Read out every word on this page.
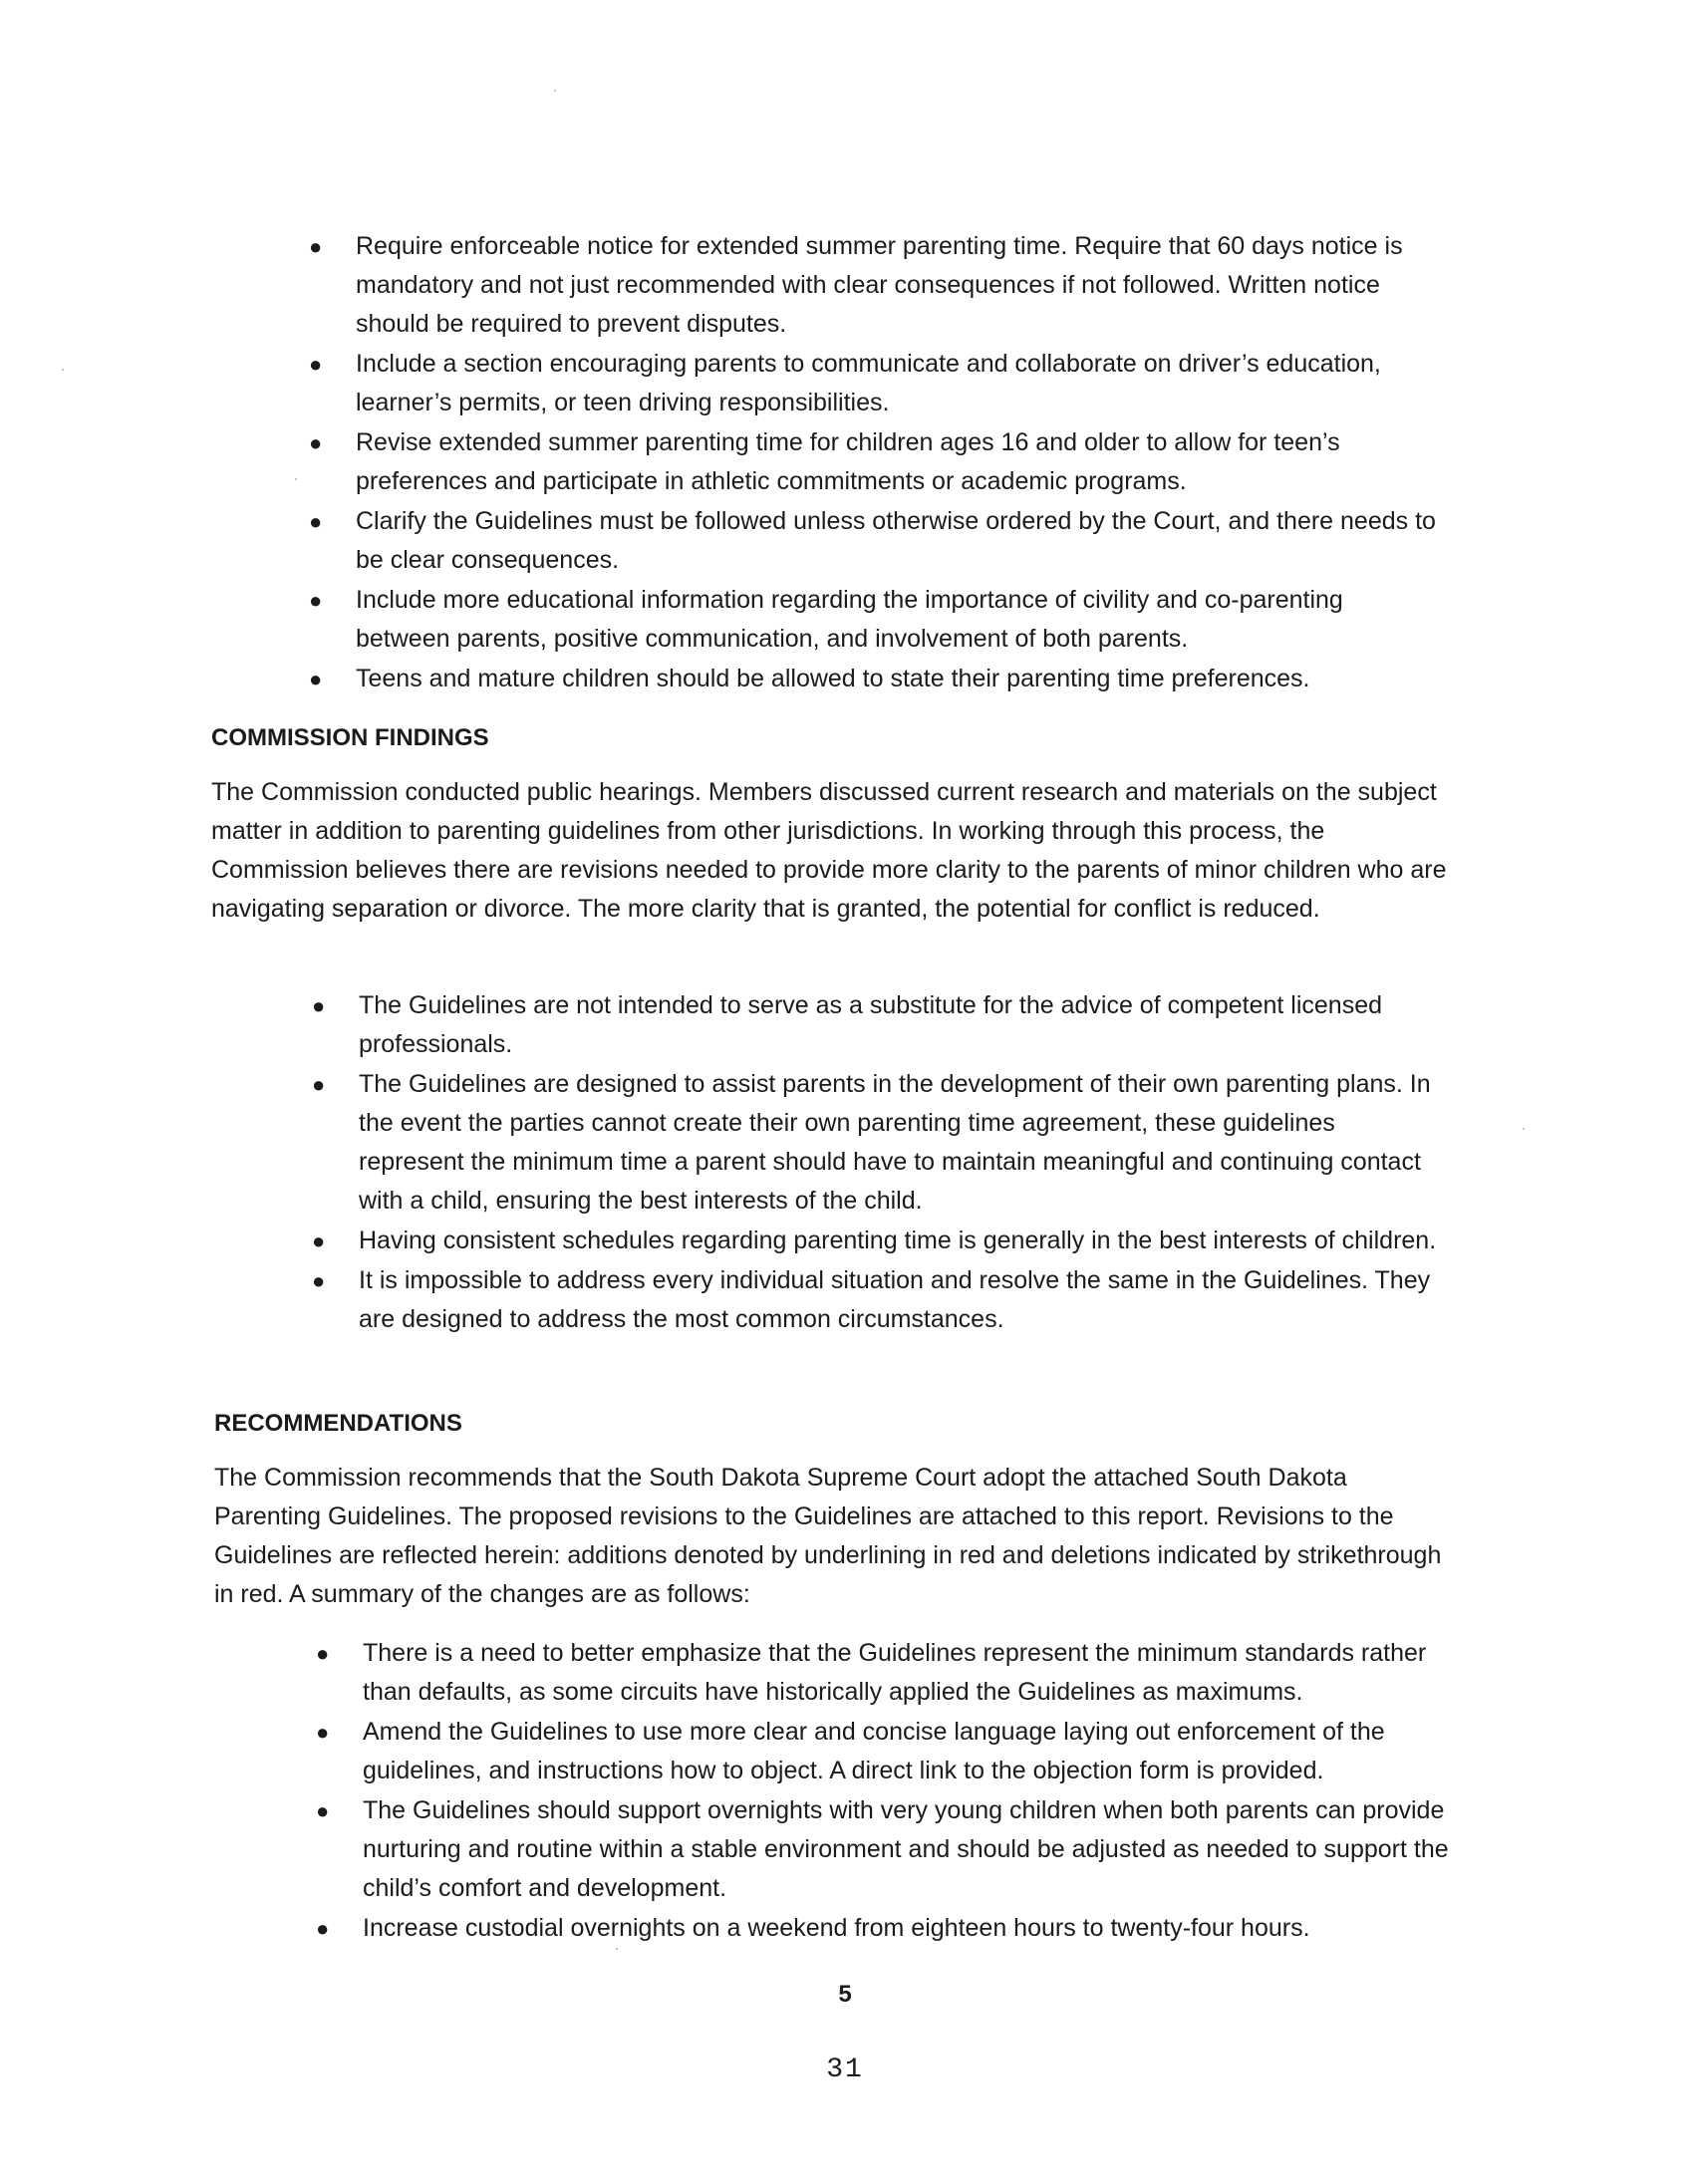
● Require enforceable notice for extended summer parenting time. Require that 60 days notice is mandatory and not just recommended with clear consequences if not followed. Written notice should be required to prevent disputes.
● Include a section encouraging parents to communicate and collaborate on driver’s education, learner’s permits, or teen driving responsibilities.
● Revise extended summer parenting time for children ages 16 and older to allow for teen’s preferences and participate in athletic commitments or academic programs.
● Clarify the Guidelines must be followed unless otherwise ordered by the Court, and there needs to be clear consequences.
● Include more educational information regarding the importance of civility and co-parenting between parents, positive communication, and involvement of both parents.
● Teens and mature children should be allowed to state their parenting time preferences.
COMMISSION FINDINGS

The Commission conducted public hearings. Members discussed current research and materials on the subject matter in addition to parenting guidelines from other jurisdictions. In working through this process, the Commission believes there are revisions needed to provide more clarity to the parents of minor children who are navigating separation or divorce. The more clarity that is granted, the potential for conflict is reduced.

● The Guidelines are not intended to serve as a substitute for the advice of competent licensed professionals.
● The Guidelines are designed to assist parents in the development of their own parenting plans. In the event the parties cannot create their own parenting time agreement, these guidelines represent the minimum time a parent should have to maintain meaningful and continuing contact with a child, ensuring the best interests of the child.
● Having consistent schedules regarding parenting time is generally in the best interests of children.
● It is impossible to address every individual situation and resolve the same in the Guidelines. They are designed to address the most common circumstances.
RECOMMENDATIONS

The Commission recommends that the South Dakota Supreme Court adopt the attached South Dakota Parenting Guidelines. The proposed revisions to the Guidelines are attached to this report. Revisions to the Guidelines are reflected herein: additions denoted by underlining in red and deletions indicated by strikethrough in red. A summary of the changes are as follows:

● There is a need to better emphasize that the Guidelines represent the minimum standards rather than defaults, as some circuits have historically applied the Guidelines as maximums.
● Amend the Guidelines to use more clear and concise language laying out enforcement of the guidelines, and instructions how to object. A direct link to the objection form is provided.
● The Guidelines should support overnights with very young children when both parents can provide nurturing and routine within a stable environment and should be adjusted as needed to support the child’s comfort and development.
● Increase custodial overnights on a weekend from eighteen hours to twenty-four hours.
5
31
